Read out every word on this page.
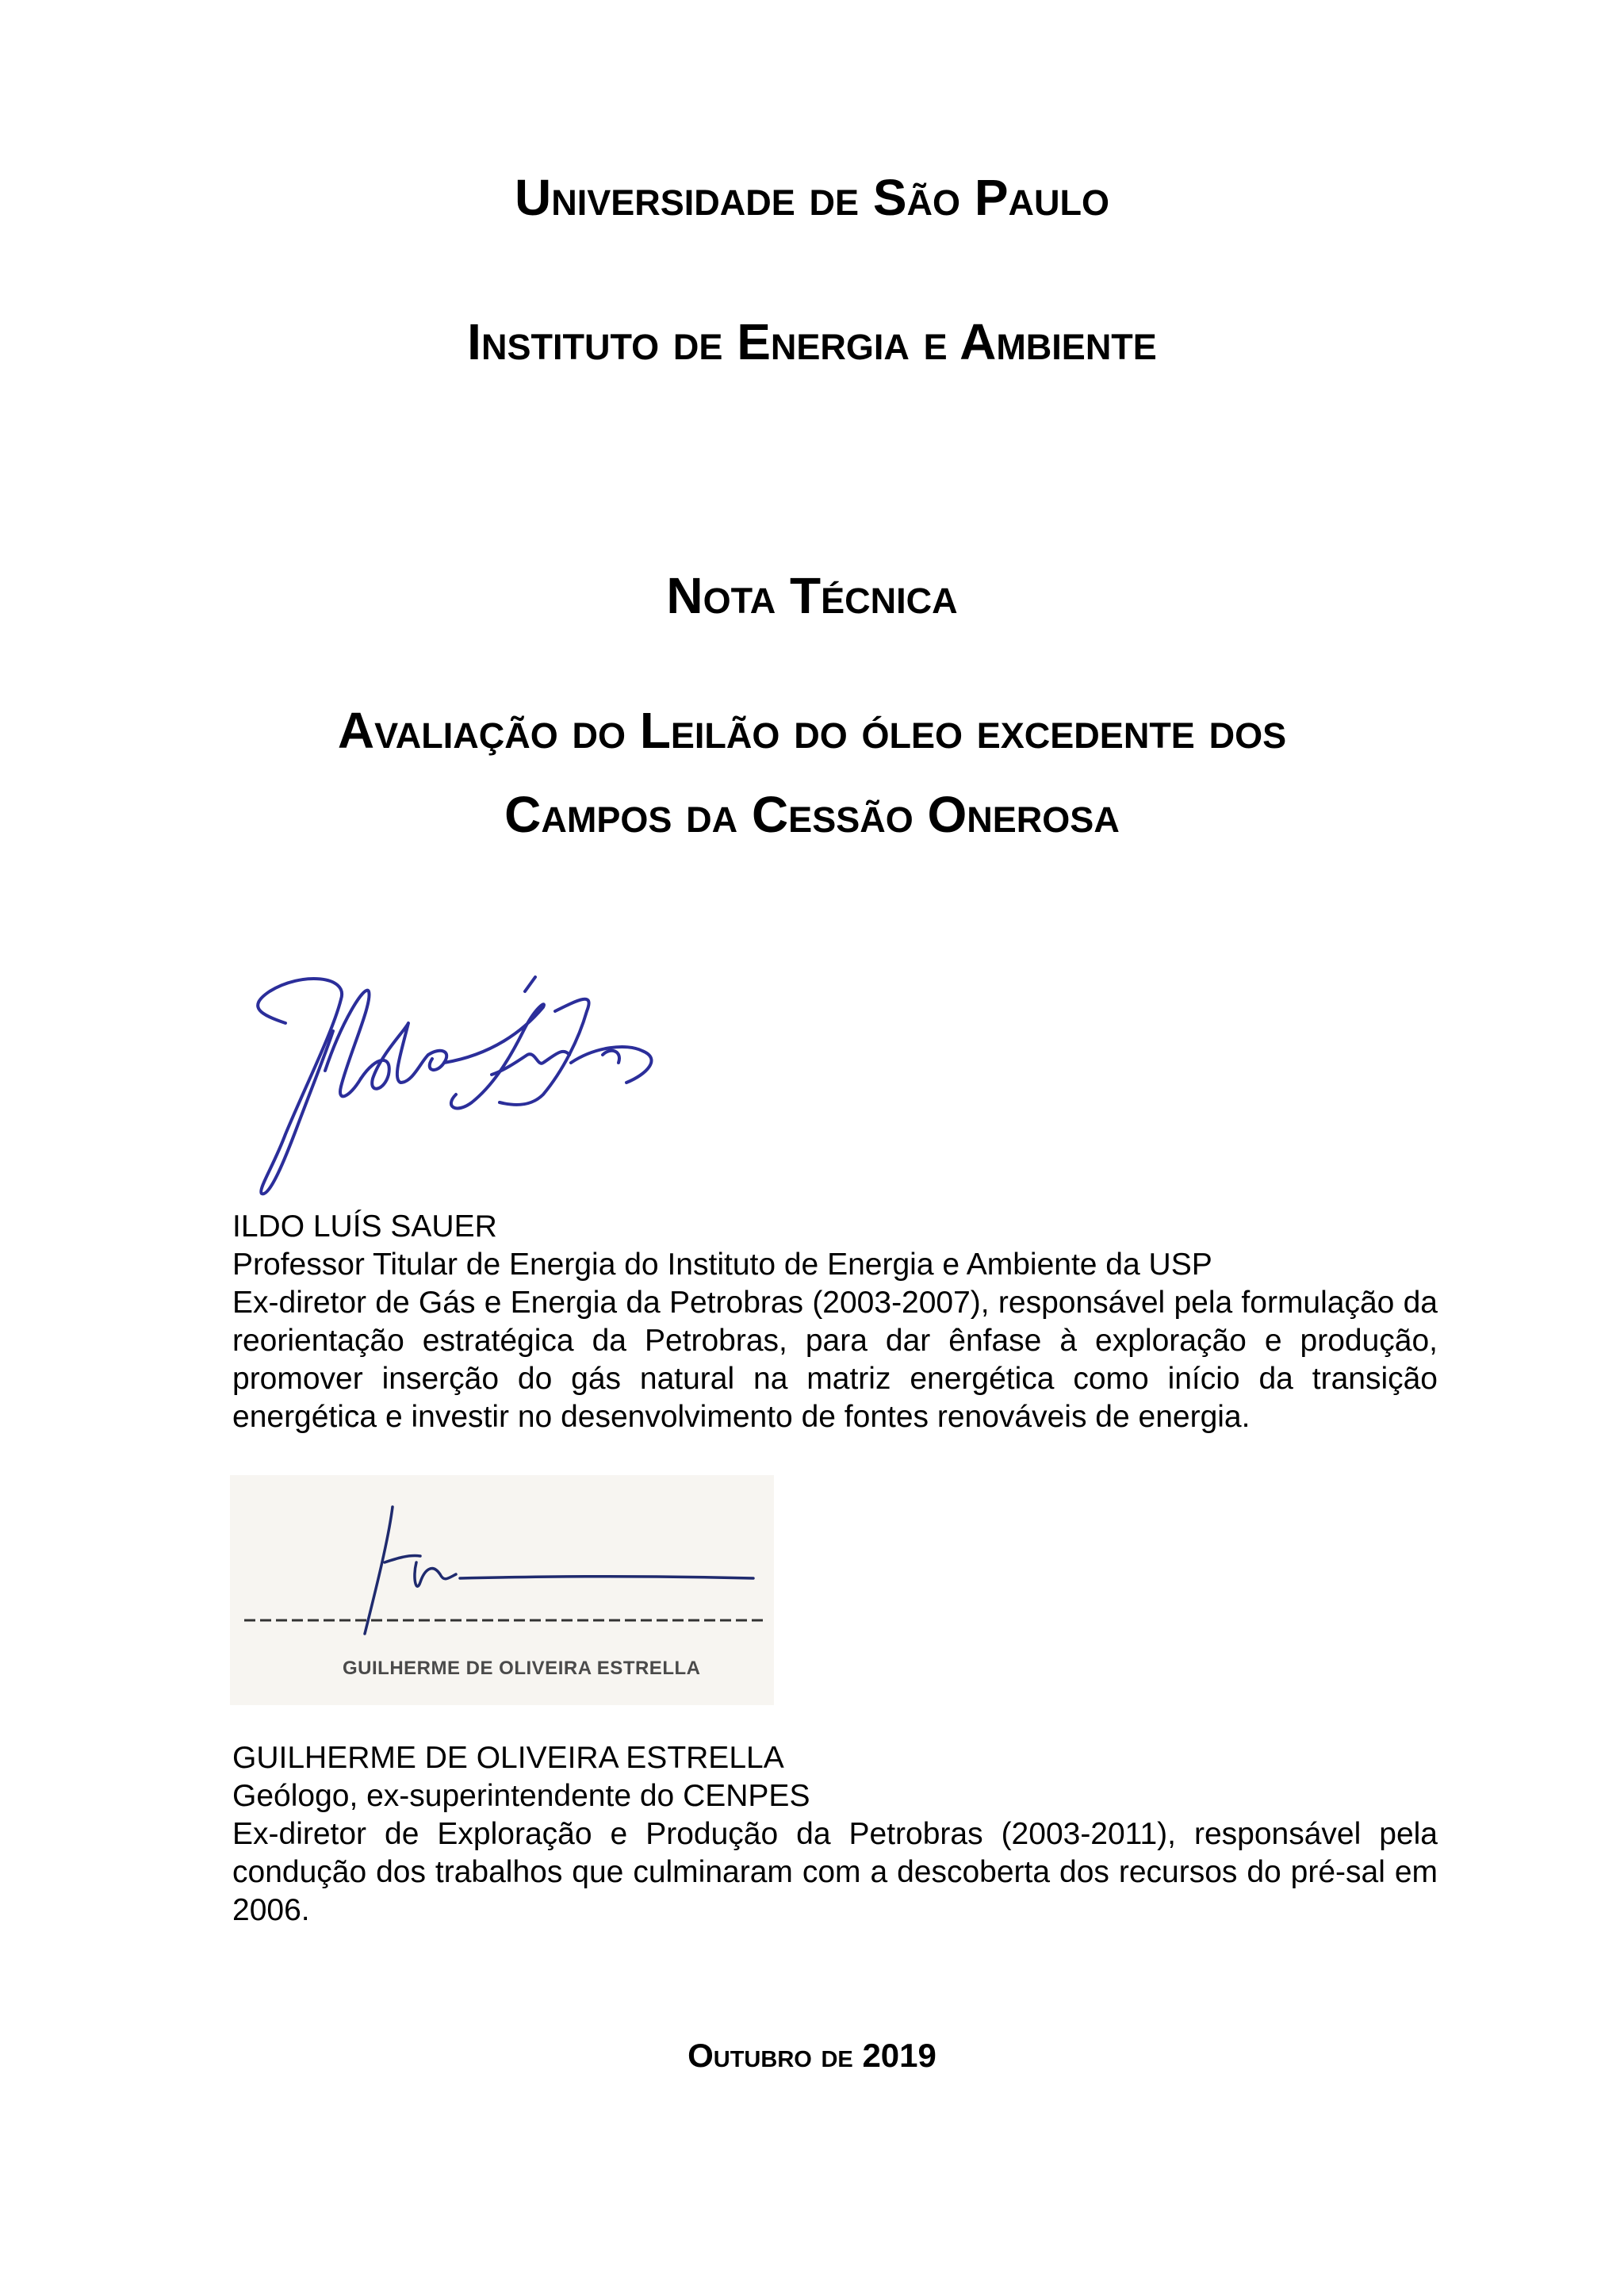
Universidade de São Paulo
Instituto de Energia e Ambiente
Nota Técnica
Avaliação do Leilão do óleo excedente dos
Campos da Cessão Onerosa

ILDO LUÍS SAUER

Professor Titular de Energia do Instituto de Energia e Ambiente da USP

Ex-diretor de Gás e Energia da Petrobras (2003-2007), responsável pela formulação da reorientação estratégica da Petrobras, para dar ênfase à exploração e produção, promover inserção do gás natural na matriz energética como início da transição energética e investir no desenvolvimento de fontes renováveis de energia.

GUILHERME DE OLIVEIRA ESTRELLA

GUILHERME DE OLIVEIRA ESTRELLA

Geólogo, ex-superintendente do CENPES

Ex-diretor de Exploração e Produção da Petrobras (2003-2011), responsável pela condução dos trabalhos que culminaram com a descoberta dos recursos do pré-sal em 2006.

Outubro de 2019
